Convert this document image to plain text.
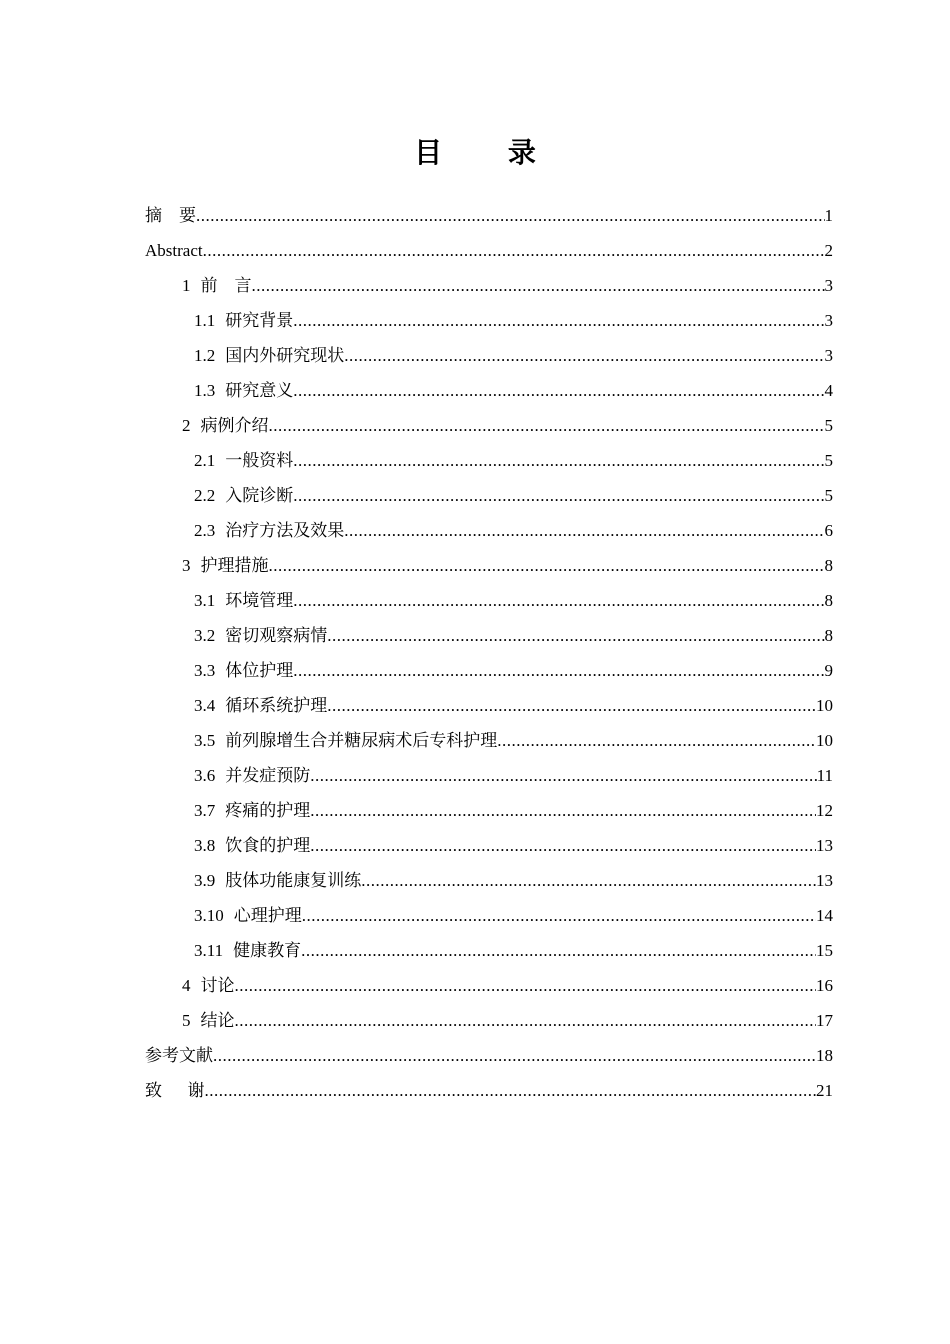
目 录
摘    要 .....	1
Abstract .....	2
1 前    言 .....	3
1.1 研究背景 .....	3
1.2 国内外研究现状 .....	3
1.3 研究意义 .....	4
2 病例介绍 .....	5
2.1 一般资料 .....	5
2.2 入院诊断 .....	5
2.3 治疗方法及效果 .....	6
3 护理措施 .....	8
3.1 环境管理 .....	8
3.2 密切观察病情 .....	8
3.3 体位护理 .....	9
3.4 循环系统护理 .....	10
3.5 前列腺增生合并糖尿病术后专科护理 .....	10
3.6 并发症预防 .....	11
3.7 疼痛的护理 .....	12
3.8 饮食的护理 .....	13
3.9 肢体功能康复训练 .....	13
3.10 心理护理 .....	14
3.11 健康教育 .....	15
4 讨论 .....	16
5 结论 .....	17
参考文献 .....	18
致      谢 .....	21
